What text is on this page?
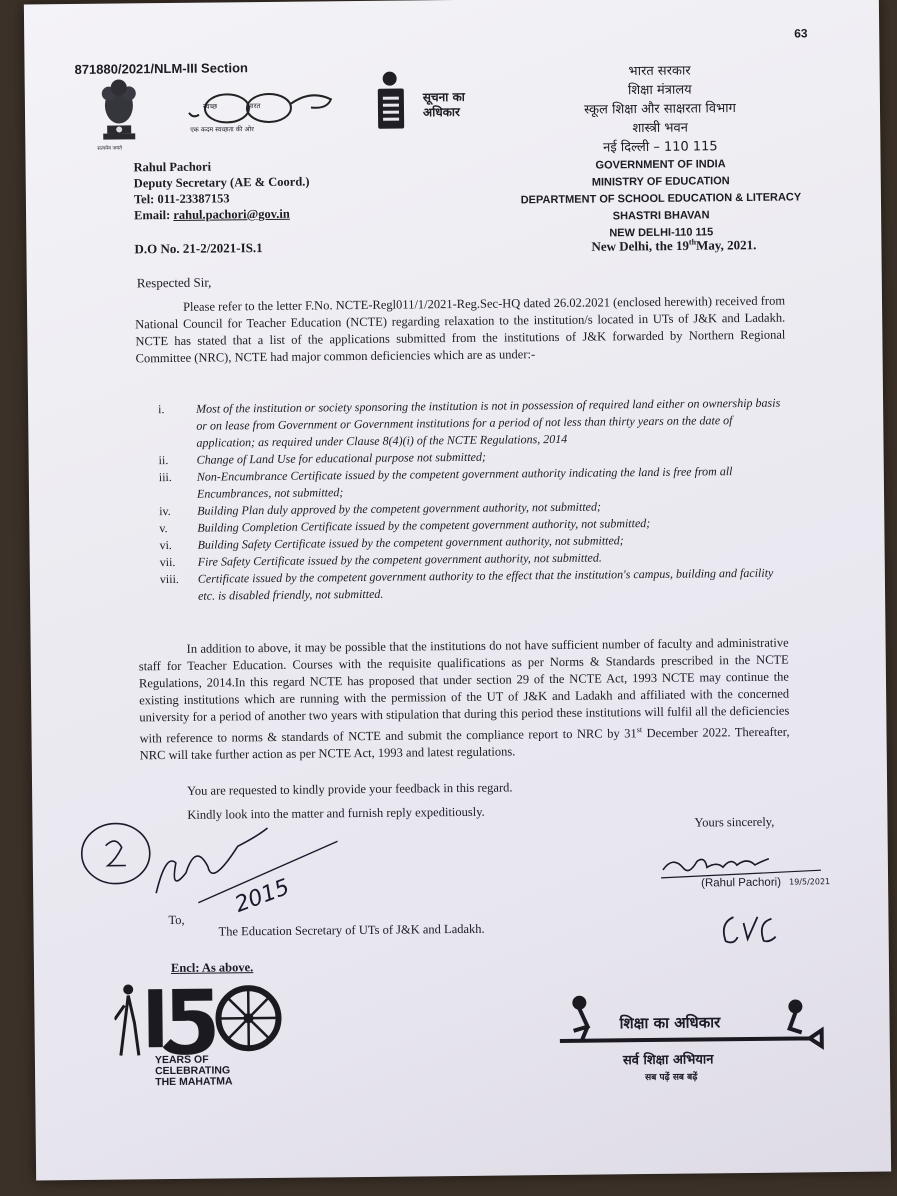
63
871880/2021/NLM-III Section
सत्यमेव जयते
स्वच्छ	भारत
एक कदम स्वच्छता की ओर
सूचना का
अधिकार
Rahul Pachori
Deputy Secretary (AE & Coord.)
Tel: 011-23387153
Email: rahul.pachori@gov.in
भारत सरकार
शिक्षा मंत्रालय
स्कूल शिक्षा और साक्षरता विभाग
शास्त्री भवन
नई दिल्ली – 110 115
GOVERNMENT OF INDIA
MINISTRY OF EDUCATION
DEPARTMENT OF SCHOOL EDUCATION & LITERACY
SHASTRI BHAVAN
NEW DELHI-110 115
D.O No. 21-2/2021-IS.1	New Delhi, the 19thMay, 2021.
Respected Sir,
Please refer to the letter F.No. NCTE-Regl011/1/2021-Reg.Sec-HQ dated 26.02.2021 (enclosed herewith) received from National Council for Teacher Education (NCTE) regarding relaxation to the institution/s located in UTs of J&K and Ladakh. NCTE has stated that a list of the applications submitted from the institutions of J&K forwarded by Northern Regional Committee (NRC), NCTE had major common deficiencies which are as under:-
i.	Most of the institution or society sponsoring the institution is not in possession of required land either on ownership basis or on lease from Government or Government institutions for a period of not less than thirty years on the date of application; as required under Clause 8(4)(i) of the NCTE Regulations, 2014
ii.	Change of Land Use for educational purpose not submitted;
iii.	Non-Encumbrance Certificate issued by the competent government authority indicating the land is free from all Encumbrances, not submitted;
iv.	Building Plan duly approved by the competent government authority, not submitted;
v.	Building Completion Certificate issued by the competent government authority, not submitted;
vi.	Building Safety Certificate issued by the competent government authority, not submitted;
vii.	Fire Safety Certificate issued by the competent government authority, not submitted.
viii.	Certificate issued by the competent government authority to the effect that the institution's campus, building and facility etc. is disabled friendly, not submitted.
In addition to above, it may be possible that the institutions do not have sufficient number of faculty and administrative staff for Teacher Education. Courses with the requisite qualifications as per Norms & Standards prescribed in the NCTE Regulations, 2014.In this regard NCTE has proposed that under section 29 of the NCTE Act, 1993 NCTE may continue the existing institutions which are running with the permission of the UT of J&K and Ladakh and affiliated with the concerned university for a period of another two years with stipulation that during this period these institutions will fulfil all the deficiencies with reference to norms & standards of NCTE and submit the compliance report to NRC by 31st December 2022. Thereafter, NRC will take further action as per NCTE Act, 1993 and latest regulations.
You are requested to kindly provide your feedback in this regard.
Kindly look into the matter and furnish reply expeditiously.
Yours sincerely,
19/5/2021
(Rahul Pachori)
2015
To,
The Education Secretary of UTs of J&K and Ladakh.
Encl: As above.
YEARS OF
CELEBRATING
THE MAHATMA
शिक्षा का अधिकार
सर्व शिक्षा अभियान
सब पढ़ें सब बढ़ें
